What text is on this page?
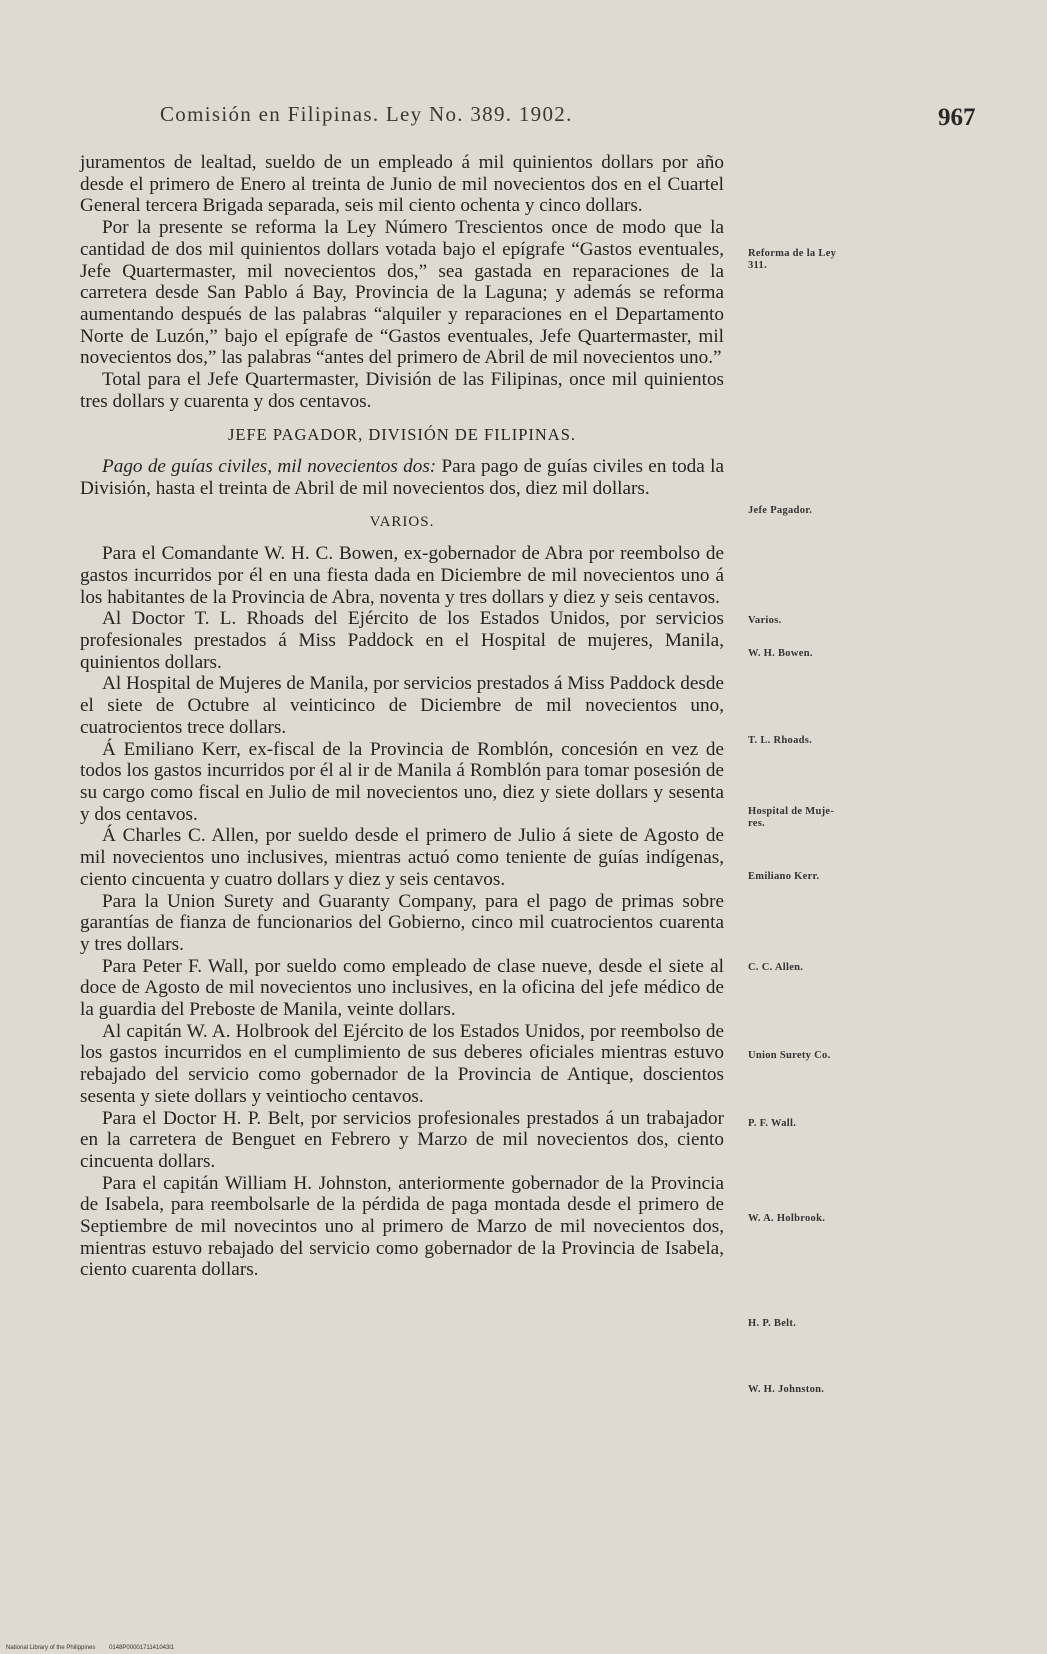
Comisión en Filipinas. Ley No. 389. 1902.	967

juramentos de lealtad, sueldo de un empleado á mil quinientos dollars por año desde el primero de Enero al treinta de Junio de mil novecientos dos en el Cuartel General tercera Brigada separada, seis mil ciento ochenta y cinco dollars.

Por la presente se reforma la Ley Número Trescientos once de modo que la cantidad de dos mil quinientos dollars votada bajo el epígrafe “Gastos eventuales, Jefe Quartermaster, mil novecientos dos,” sea gastada en reparaciones de la carretera desde San Pablo á Bay, Provincia de la Laguna; y además se reforma aumentando después de las palabras “alquiler y reparaciones en el Departamento Norte de Luzón,” bajo el epígrafe de “Gastos eventuales, Jefe Quartermaster, mil novecientos dos,” las palabras “antes del primero de Abril de mil novecientos uno.”

Total para el Jefe Quartermaster, División de las Filipinas, once mil quinientos tres dollars y cuarenta y dos centavos.

JEFE PAGADOR, DIVISIÓN DE FILIPINAS.

Pago de guías civiles, mil novecientos dos: Para pago de guías civiles en toda la División, hasta el treinta de Abril de mil novecientos dos, diez mil dollars.

VARIOS.

Para el Comandante W. H. C. Bowen, ex-gobernador de Abra por reembolso de gastos incurridos por él en una fiesta dada en Diciembre de mil novecientos uno á los habitantes de la Provincia de Abra, noventa y tres dollars y diez y seis centavos.

Al Doctor T. L. Rhoads del Ejército de los Estados Unidos, por servicios profesionales prestados á Miss Paddock en el Hospital de mujeres, Manila, quinientos dollars.

Al Hospital de Mujeres de Manila, por servicios prestados á Miss Paddock desde el siete de Octubre al veinticinco de Diciembre de mil novecientos uno, cuatrocientos trece dollars.

Á Emiliano Kerr, ex-fiscal de la Provincia de Romblón, concesión en vez de todos los gastos incurridos por él al ir de Manila á Romblón para tomar posesión de su cargo como fiscal en Julio de mil novecientos uno, diez y siete dollars y sesenta y dos centavos.

Á Charles C. Allen, por sueldo desde el primero de Julio á siete de Agosto de mil novecientos uno inclusives, mientras actuó como teniente de guías indígenas, ciento cincuenta y cuatro dollars y diez y seis centavos.

Para la Union Surety and Guaranty Company, para el pago de primas sobre garantías de fianza de funcionarios del Gobierno, cinco mil cuatrocientos cuarenta y tres dollars.

Para Peter F. Wall, por sueldo como empleado de clase nueve, desde el siete al doce de Agosto de mil novecientos uno inclusives, en la oficina del jefe médico de la guardia del Preboste de Manila, veinte dollars.

Al capitán W. A. Holbrook del Ejército de los Estados Unidos, por reembolso de los gastos incurridos en el cumplimiento de sus deberes oficiales mientras estuvo rebajado del servicio como gobernador de la Provincia de Antique, doscientos sesenta y siete dollars y veintiocho centavos.

Para el Doctor H. P. Belt, por servicios profesionales prestados á un trabajador en la carretera de Benguet en Febrero y Marzo de mil novecientos dos, ciento cincuenta dollars.

Para el capitán William H. Johnston, anteriormente gobernador de la Provincia de Isabela, para reembolsarle de la pérdida de paga montada desde el primero de Septiembre de mil novecintos uno al primero de Marzo de mil novecientos dos, mientras estuvo rebajado del servicio como gobernador de la Provincia de Isabela, ciento cuarenta dollars.

Reforma de la Ley
311.
Jefe Pagador.
Varios.
W. H. Bowen.
T. L. Rhoads.
Hospital de Muje-
res.
Emiliano Kerr.
C. C. Allen.
Union Surety Co.
P. F. Wall.
W. A. Holbrook.
H. P. Belt.
W. H. Johnston.
National Library of the Philippines 0148P0000171141043l1
